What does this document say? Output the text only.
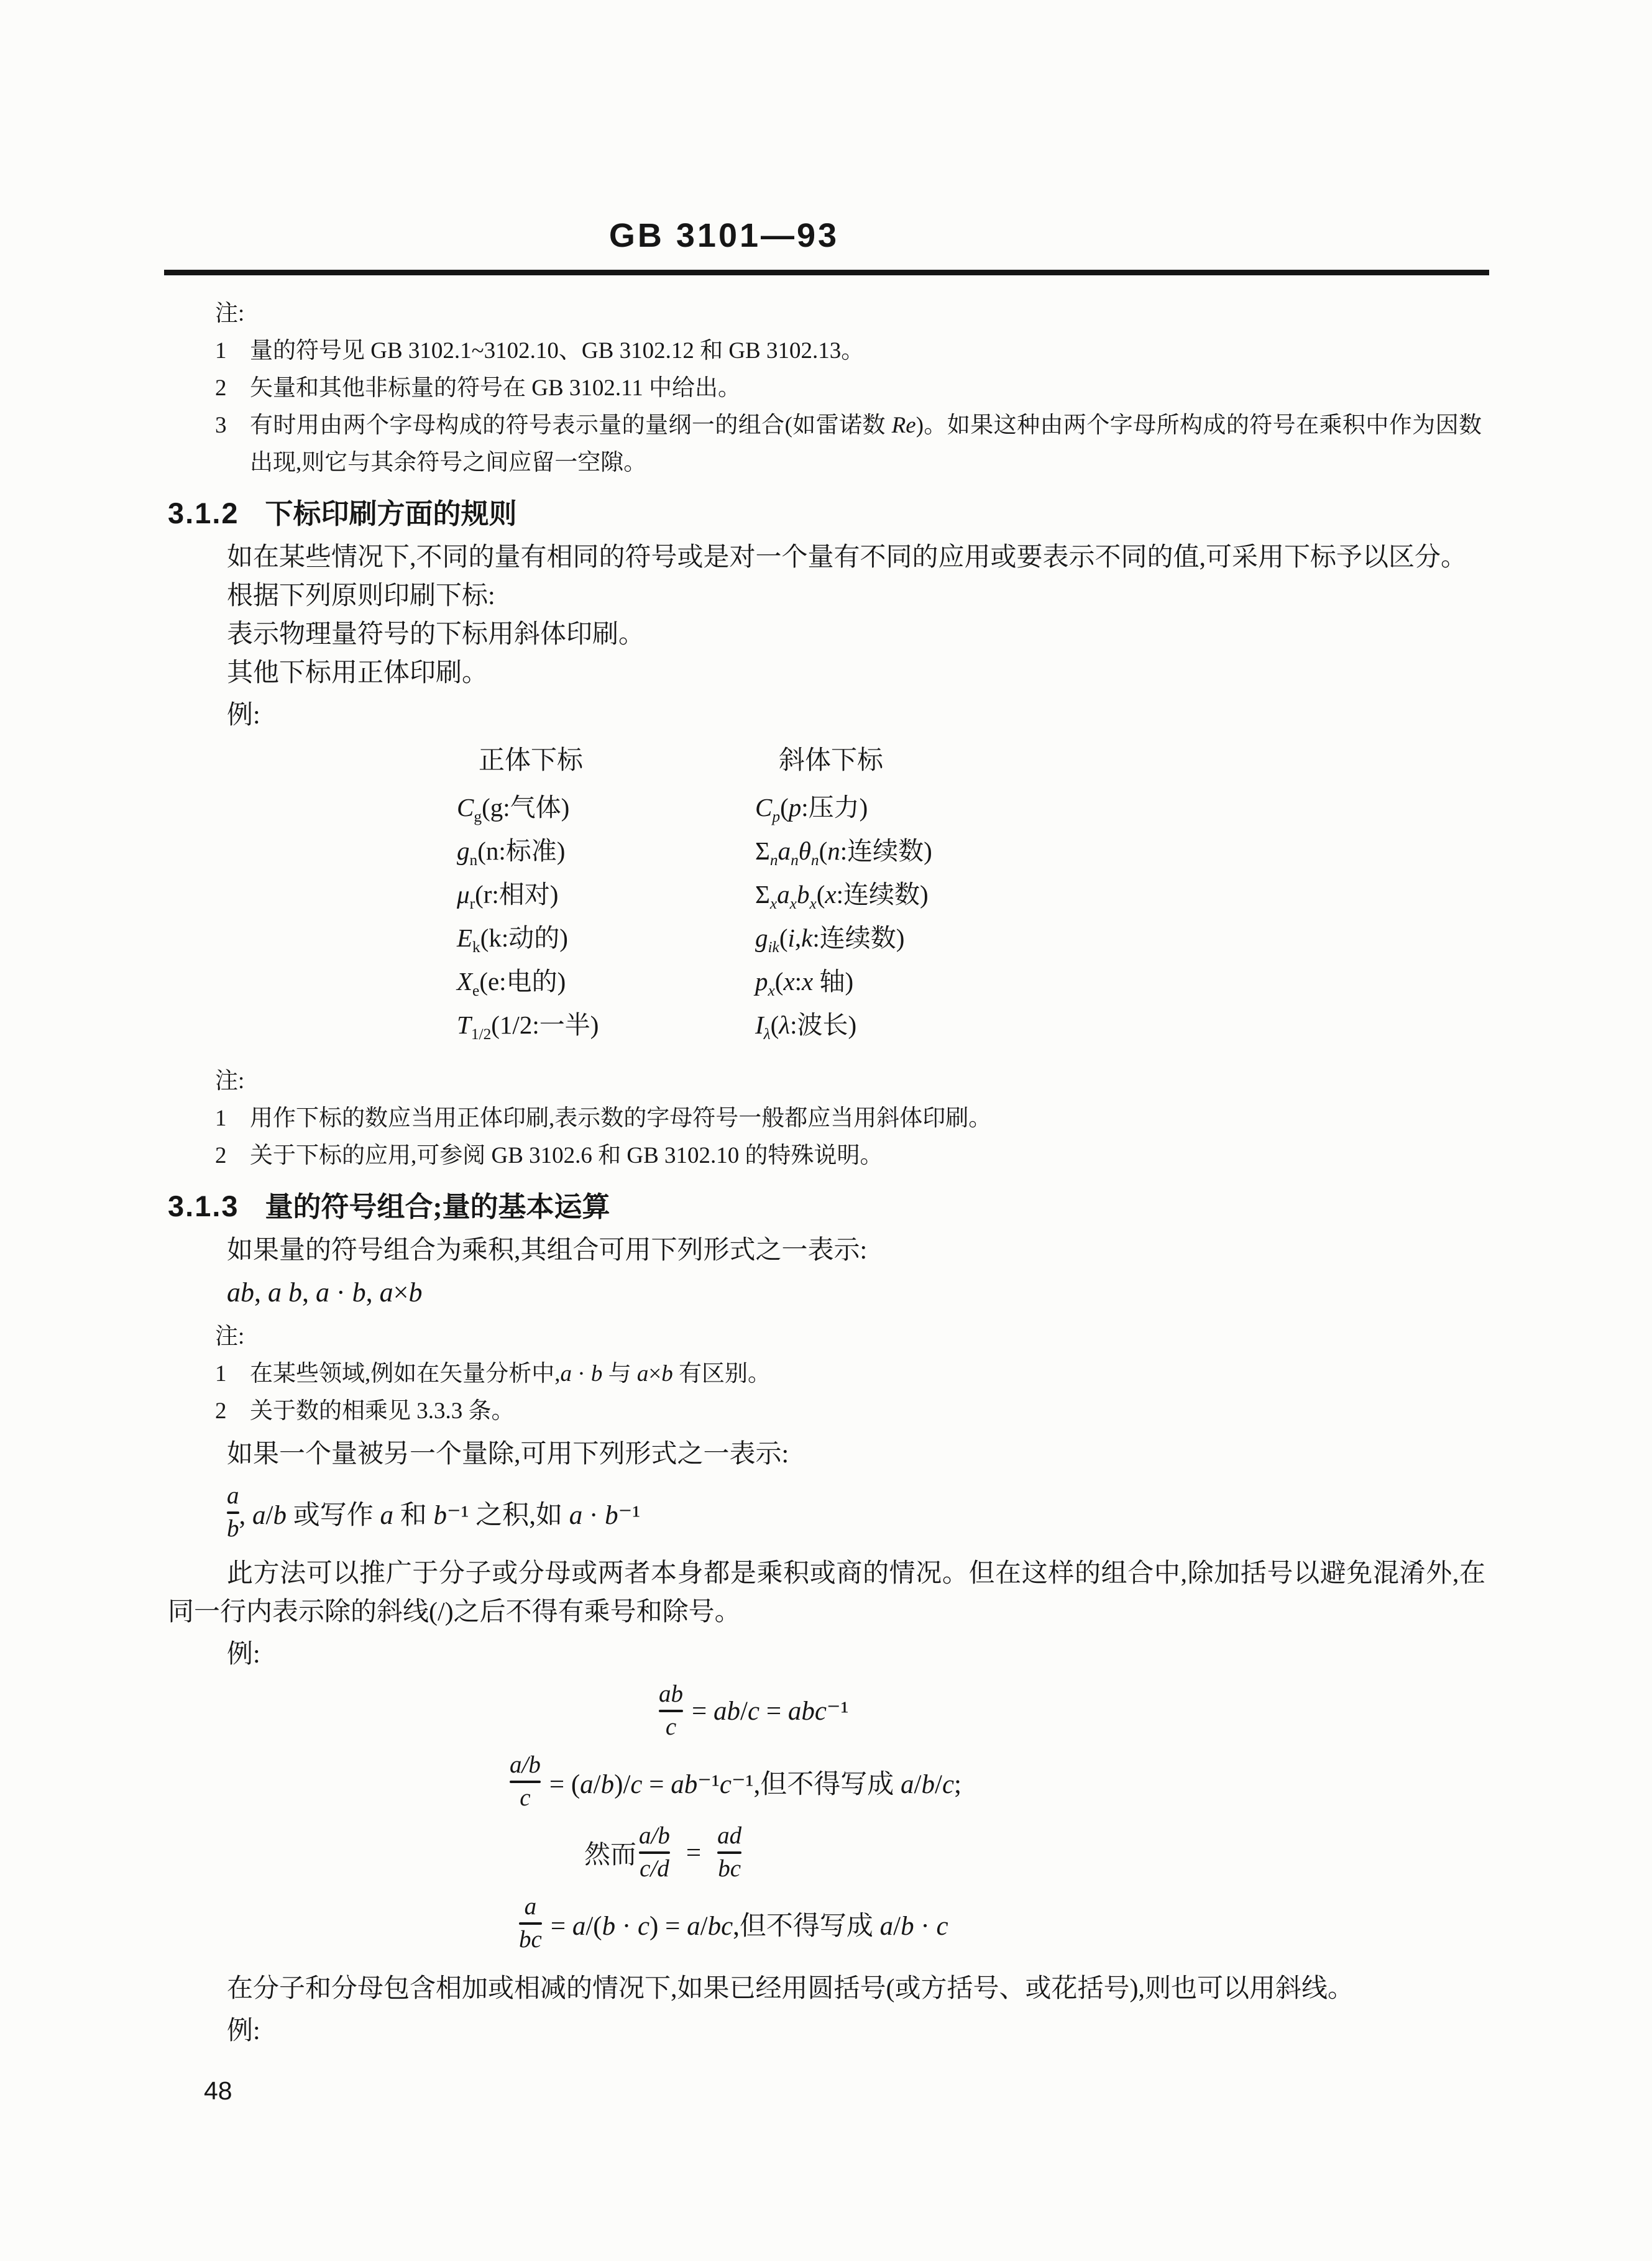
GB 3101—93
注:
1	量的符号见 GB 3102.1~3102.10、GB 3102.12 和 GB 3102.13。
2	矢量和其他非标量的符号在 GB 3102.11 中给出。
3	有时用由两个字母构成的符号表示量的量纲一的组合(如雷诺数 Re)。如果这种由两个字母所构成的符号在乘积中作为因数出现,则它与其余符号之间应留一空隙。
3.1.2 下标印刷方面的规则

如在某些情况下,不同的量有相同的符号或是对一个量有不同的应用或要表示不同的值,可采用下标予以区分。

根据下列原则印刷下标:

表示物理量符号的下标用斜体印刷。

其他下标用正体印刷。

例:

正体下标	斜体下标
$C_g(g$:气体)	$C_p(p$:压力)
$g_n(n$:标准)	$\Sigma_na_n\theta_n(n$:连续数)
$\mu_r(r$:相对)	$\Sigma_xa_xb_x(x$:连续数)
$E_k(k$:动的)	$g_{ik}(i,k$:连续数)
$X_e(e$:电的)	$p_x(x:x$ 轴)
$T_{1/2}(1/2$:一半)	$I_\lambda(\lambda$:波长)
注:
1	用作下标的数应当用正体印刷,表示数的字母符号一般都应当用斜体印刷。
2	关于下标的应用,可参阅 GB 3102.6 和 GB 3102.10 的特殊说明。
3.1.3 量的符号组合;量的基本运算

如果量的符号组合为乘积,其组合可用下列形式之一表示:

ab, a b, a · b, a×b
注:
1	在某些领域,例如在矢量分析中,a · b 与 a×b 有区别。
2	关于数的相乘见 3.3.3 条。

如果一个量被另一个量除,可用下列形式之一表示:

$\frac{a}{b}$ , a/b 或写作 a 和 b⁻¹ 之积,如 a · b⁻¹

此方法可以推广于分子或分母或两者本身都是乘积或商的情况。但在这样的组合中,除加括号以避免混淆外,在同一行内表示除的斜线(/)之后不得有乘号和除号。

例:

$\frac{ab}{c} = ab/c = abc^{-1}$
$\frac{a/b}{c} = (a/b)/c = ab^{-1}c^{-1}$,但不得写成 a/b/c;
然而 $\frac{a/b}{c/d} = \frac{ad}{bc}$
$\frac{a}{bc} = a/(b \cdot c) = a/bc$,但不得写成 a/b · c

在分子和分母包含相加或相减的情况下,如果已经用圆括号(或方括号、或花括号),则也可以用斜线。

例:

48
